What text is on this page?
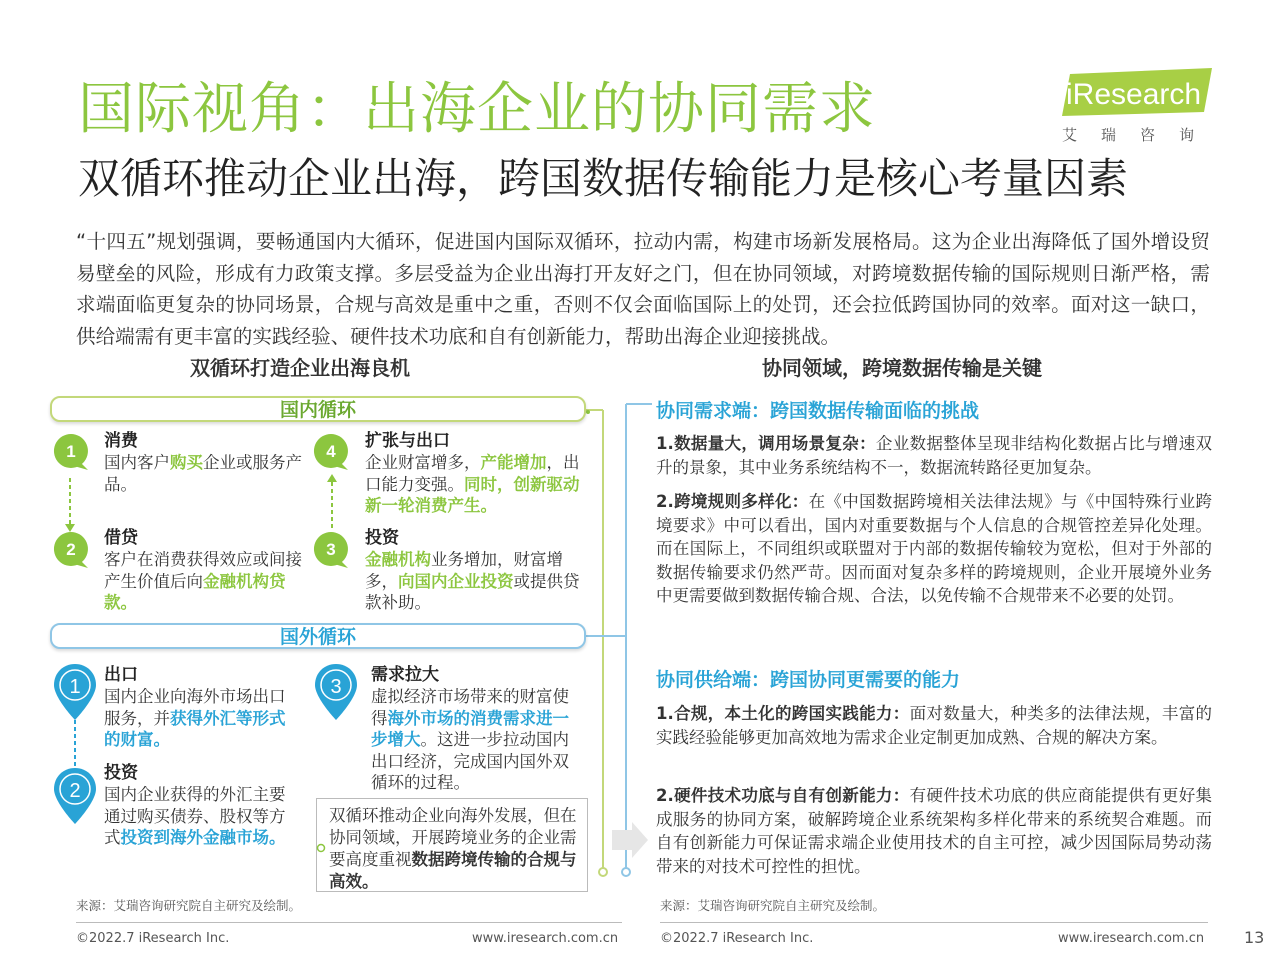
国际视角：出海企业的协同需求
双循环推动企业出海，跨国数据传输能力是核心考量因素
iResearch
艾瑞咨询
“十四五”规划强调，要畅通国内大循环，促进国内国际双循环，拉动内需，构建市场新发展格局。这为企业出海降低了国外增设贸易壁垒的风险，形成有力政策支撑。多层受益为企业出海打开友好之门，但在协同领域，对跨境数据传输的国际规则日渐严格，需求端面临更复杂的协同场景，合规与高效是重中之重，否则不仅会面临国际上的处罚，还会拉低跨国协同的效率。面对这一缺口，供给端需有更丰富的实践经验、硬件技术功底和自有创新能力，帮助出海企业迎接挑战。
双循环打造企业出海良机
国内循环
1
消费
国内客户购买企业或服务产品。
2
借贷
客户在消费获得效应或间接产生价值后向金融机构贷款。
3
投资
金融机构业务增加，财富增多，向国内企业投资或提供贷款补助。
4
扩张与出口
企业财富增多，产能增加，出口能力变强。同时，创新驱动新一轮消费产生。
国外循环
1
出口
国内企业向海外市场出口服务，并获得外汇等形式的财富。
2
投资
国内企业获得的外汇主要通过购买债券、股权等方式投资到海外金融市场。
3
需求拉大
虚拟经济市场带来的财富使得海外市场的消费需求进一步增大。这进一步拉动国内出口经济，完成国内国外双循环的过程。
双循环推动企业向海外发展，但在协同领域，开展跨境业务的企业需要高度重视数据跨境传输的合规与高效。
来源：艾瑞咨询研究院自主研究及绘制。
©2022.7 iResearch Inc.	www.iresearch.com.cn
协同领域，跨境数据传输是关键
协同需求端：跨国数据传输面临的挑战
1.数据量大，调用场景复杂：企业数据整体呈现非结构化数据占比与增速双升的景象，其中业务系统结构不一，数据流转路径更加复杂。
2.跨境规则多样化：在《中国数据跨境相关法律法规》与《中国特殊行业跨境要求》中可以看出，国内对重要数据与个人信息的合规管控差异化处理。而在国际上，不同组织或联盟对于内部的数据传输较为宽松，但对于外部的数据传输要求仍然严苛。因而面对复杂多样的跨境规则，企业开展境外业务中更需要做到数据传输合规、合法，以免传输不合规带来不必要的处罚。
协同供给端：跨国协同更需要的能力
1.合规，本土化的跨国实践能力：面对数量大，种类多的法律法规，丰富的实践经验能够更加高效地为需求企业定制更加成熟、合规的解决方案。
2.硬件技术功底与自有创新能力：有硬件技术功底的供应商能提供有更好集成服务的协同方案，破解跨境企业系统架构多样化带来的系统契合难题。而自有创新能力可保证需求端企业使用技术的自主可控，减少因国际局势动荡带来的对技术可控性的担忧。
来源：艾瑞咨询研究院自主研究及绘制。
©2022.7 iResearch Inc.	www.iresearch.com.cn 13
